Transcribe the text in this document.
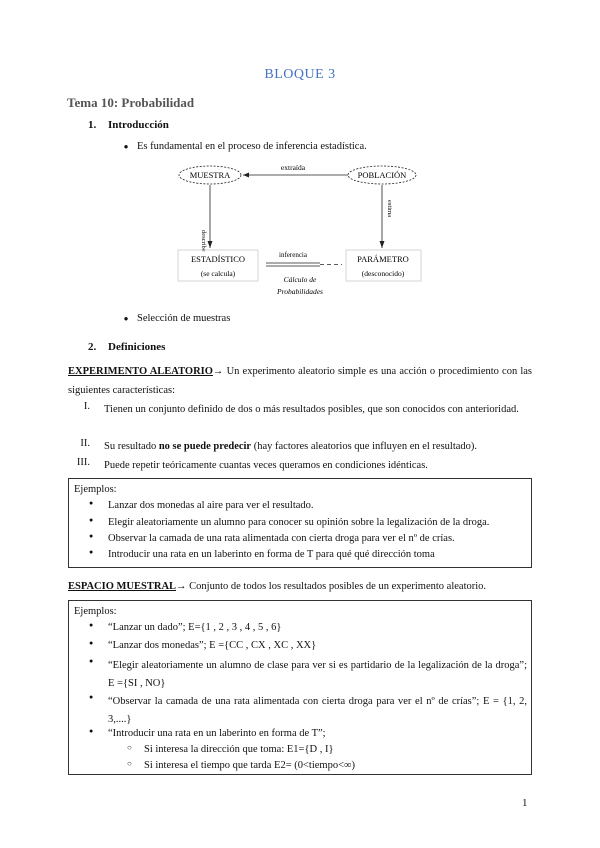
BLOQUE 3
Tema 10: Probabilidad
1. Introducción
● Es fundamental en el proceso de inferencia estadística.
MUESTRA	POBLACIÓN
extraída
describe
estima
ESTADÍSTICO
(se calcula)
PARÁMETRO
(desconocido)
inferencia
Cálculo de
Probabilidades
● Selección de muestras
2. Definiciones
EXPERIMENTO ALEATORIO→ Un experimento aleatorio simple es una acción o procedimiento con las siguientes características:
I. Tienen un conjunto definido de dos o más resultados posibles, que son conocidos con anterioridad.
II. Su resultado no se puede predecir (hay factores aleatorios que influyen en el resultado).
III. Puede repetir teóricamente cuantas veces queramos en condiciones idénticas.
Ejemplos:
● Lanzar dos monedas al aire para ver el resultado.
● Elegir aleatoriamente un alumno para conocer su opinión sobre la legalización de la droga.
● Observar la camada de una rata alimentada con cierta droga para ver el nº de crías.
● Introducir una rata en un laberinto en forma de T para qué qué dirección toma
ESPACIO MUESTRAL→ Conjunto de todos los resultados posibles de un experimento aleatorio.
Ejemplos:
● “Lanzar un dado”; E={1 , 2 , 3 , 4 , 5 , 6}
● “Lanzar dos monedas”; E ={CC , CX , XC , XX}
●	“Elegir aleatoriamente un alumno de clase para ver si es partidario de la legalización de la droga”; E ={SI , NO}
●	“Observar la camada de una rata alimentada con cierta droga para ver el nº de crías”; E = {1, 2, 3,....}
● “Introducir una rata en un laberinto en forma de T”;
○ Si interesa la dirección que toma: E1={D , I}
○ Si interesa el tiempo que tarda E2= (0<tiempo<∞)
1
